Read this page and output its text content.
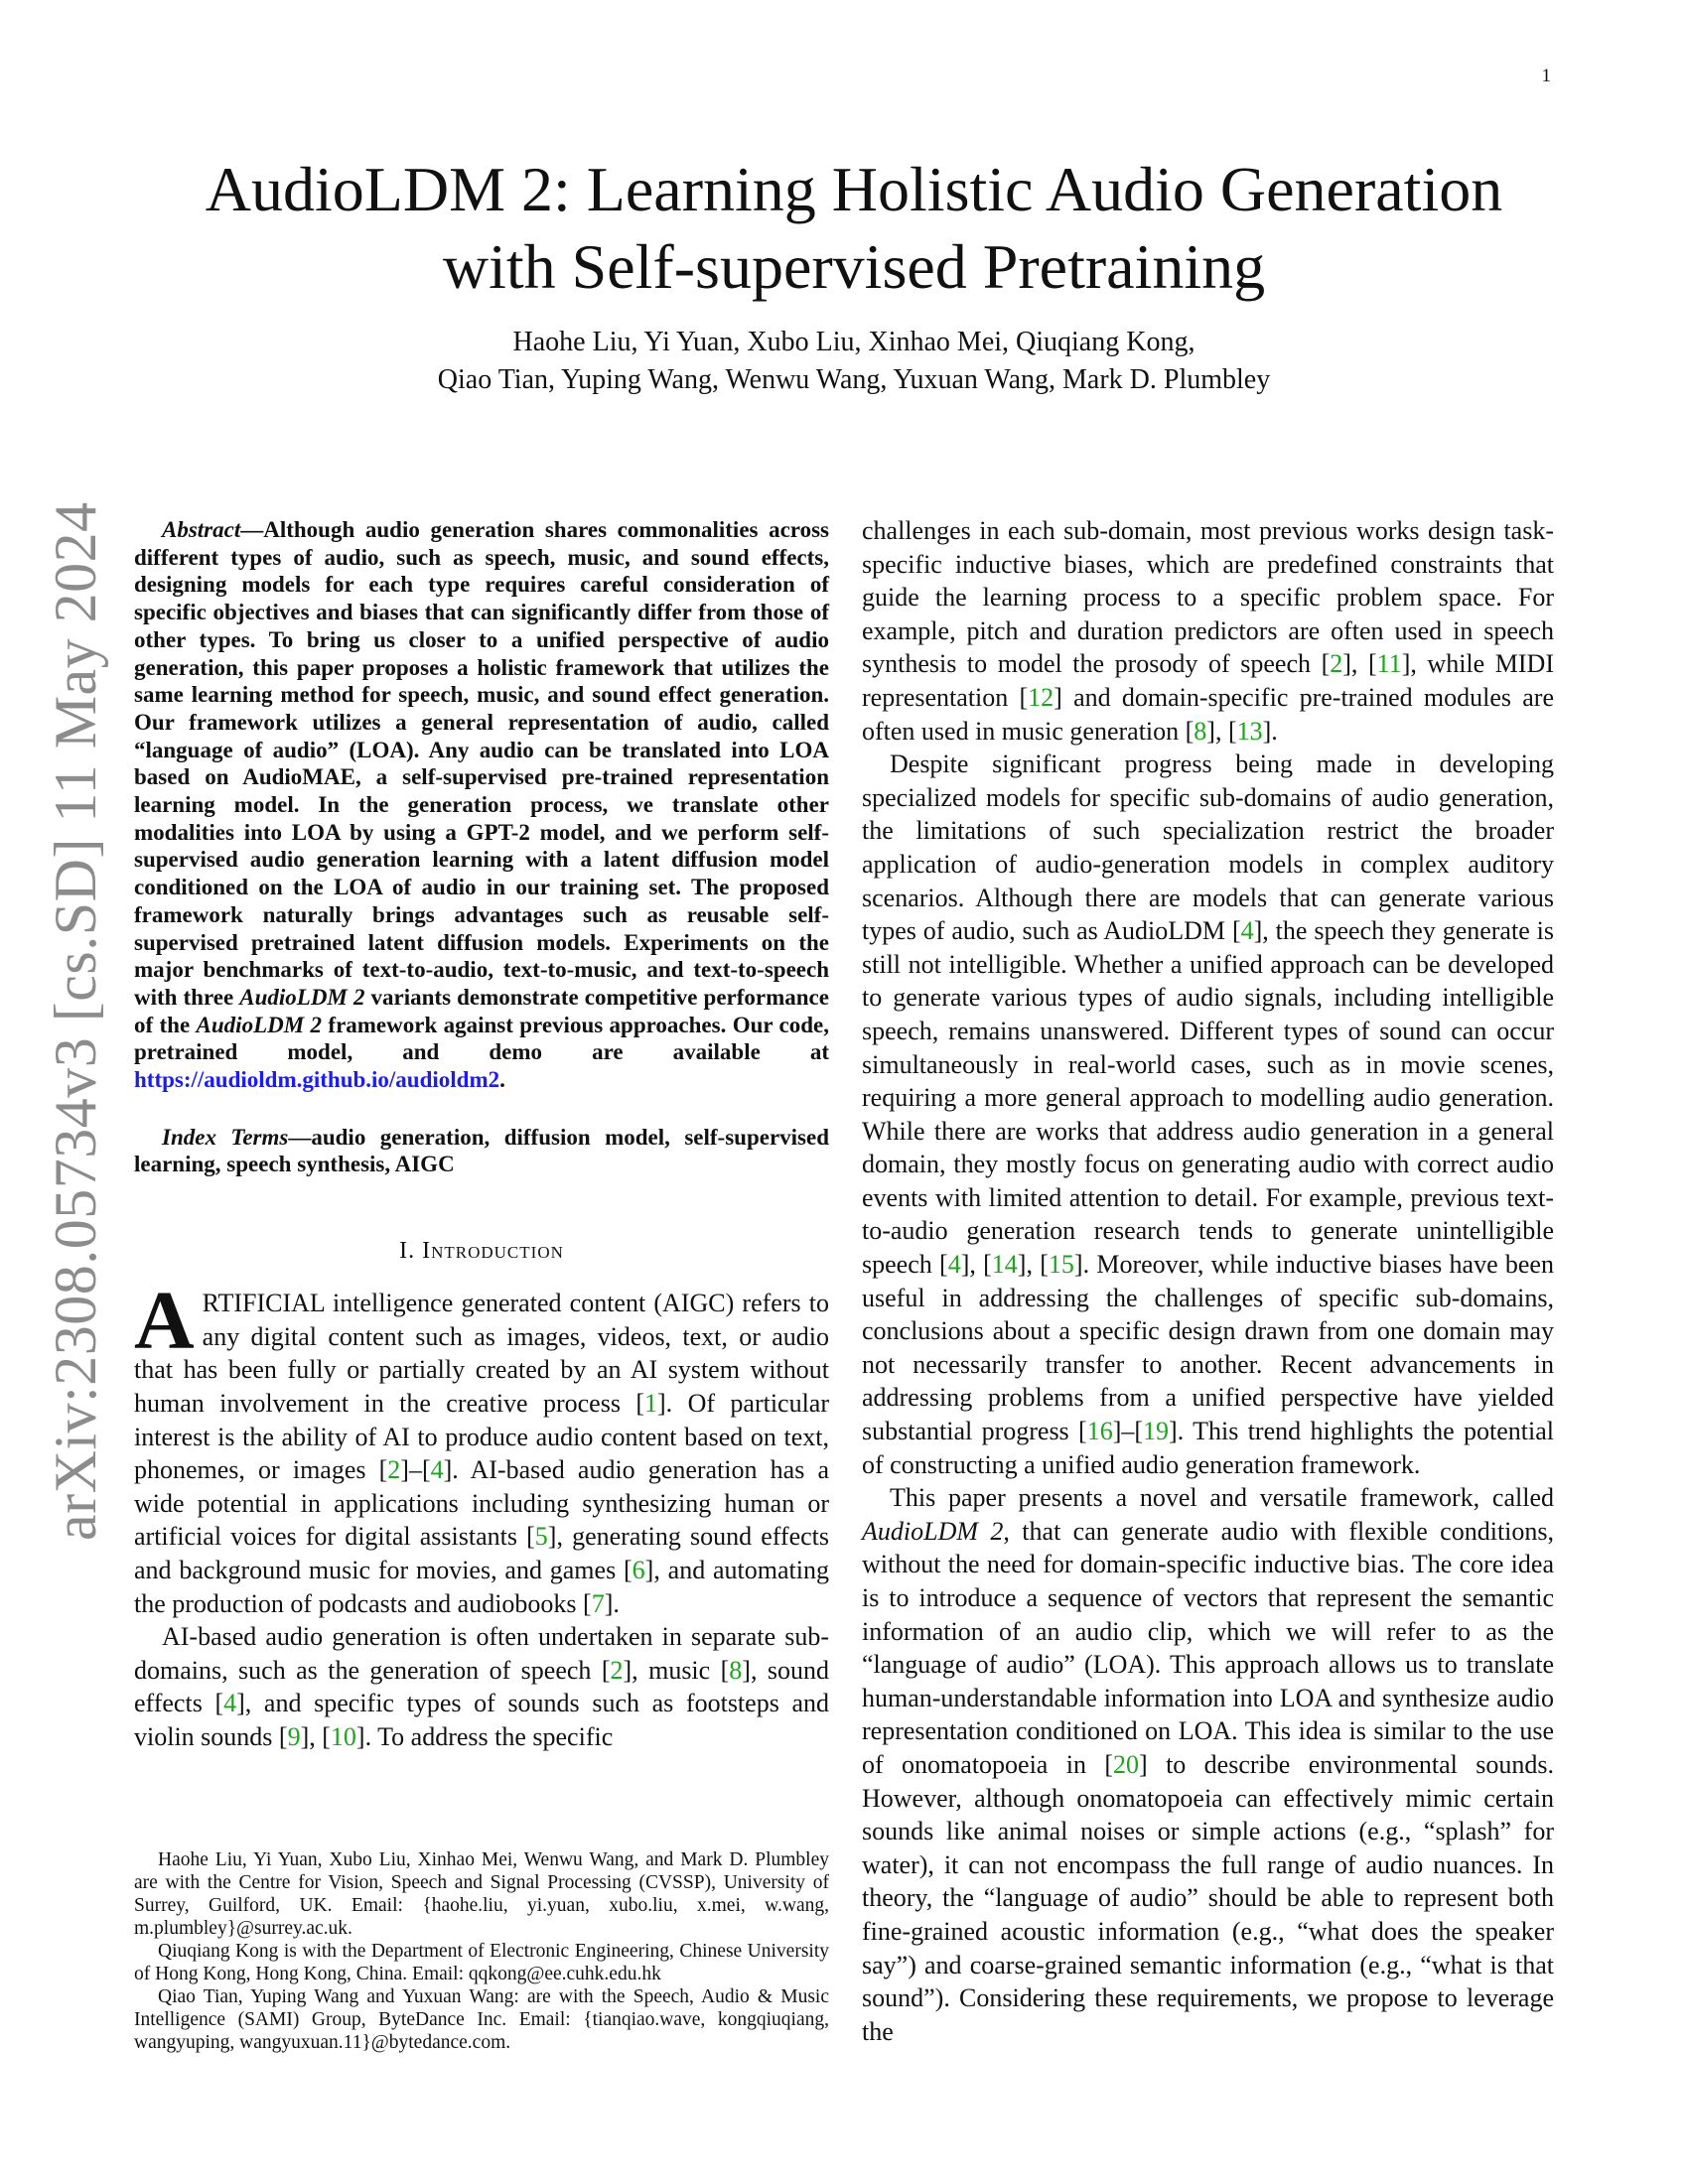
1
arXiv:2308.05734v3 [cs.SD] 11 May 2024
AudioLDM 2: Learning Holistic Audio Generation
with Self-supervised Pretraining
Haohe Liu, Yi Yuan, Xubo Liu, Xinhao Mei, Qiuqiang Kong,
Qiao Tian, Yuping Wang, Wenwu Wang, Yuxuan Wang, Mark D. Plumbley

Abstract—Although audio generation shares commonalities across different types of audio, such as speech, music, and sound effects, designing models for each type requires careful consideration of specific objectives and biases that can significantly differ from those of other types. To bring us closer to a unified perspective of audio generation, this paper proposes a holistic framework that utilizes the same learning method for speech, music, and sound effect generation. Our framework utilizes a general representation of audio, called “language of audio” (LOA). Any audio can be translated into LOA based on AudioMAE, a self-supervised pre-trained representation learning model. In the generation process, we translate other modalities into LOA by using a GPT-2 model, and we perform self-supervised audio generation learning with a latent diffusion model conditioned on the LOA of audio in our training set. The proposed framework naturally brings advantages such as reusable self-supervised pretrained latent diffusion models. Experiments on the major benchmarks of text-to-audio, text-to-music, and text-to-speech with three AudioLDM 2 variants demonstrate competitive performance of the AudioLDM 2 framework against previous approaches. Our code, pretrained model, and demo are available at https://audioldm.github.io/audioldm2.

Index Terms—audio generation, diffusion model, self-supervised learning, speech synthesis, AIGC

I. Introduction

ARTIFICIAL intelligence generated content (AIGC) refers to any digital content such as images, videos, text, or audio that has been fully or partially created by an AI system without human involvement in the creative process [1]. Of particular interest is the ability of AI to produce audio content based on text, phonemes, or images [2]–[4]. AI-based audio generation has a wide potential in applications including synthesizing human or artificial voices for digital assistants [5], generating sound effects and background music for movies, and games [6], and automating the production of podcasts and audiobooks [7].

AI-based audio generation is often undertaken in separate sub-domains, such as the generation of speech [2], music [8], sound effects [4], and specific types of sounds such as footsteps and violin sounds [9], [10]. To address the specific

Haohe Liu, Yi Yuan, Xubo Liu, Xinhao Mei, Wenwu Wang, and Mark D. Plumbley are with the Centre for Vision, Speech and Signal Processing (CVSSP), University of Surrey, Guilford, UK. Email: {haohe.liu, yi.yuan, xubo.liu, x.mei, w.wang, m.plumbley}@surrey.ac.uk.

Qiuqiang Kong is with the Department of Electronic Engineering, Chinese University of Hong Kong, Hong Kong, China. Email: qqkong@ee.cuhk.edu.hk

Qiao Tian, Yuping Wang and Yuxuan Wang: are with the Speech, Audio & Music Intelligence (SAMI) Group, ByteDance Inc. Email: {tianqiao.wave, kongqiuqiang, wangyuping, wangyuxuan.11}@bytedance.com.

challenges in each sub-domain, most previous works design task-specific inductive biases, which are predefined constraints that guide the learning process to a specific problem space. For example, pitch and duration predictors are often used in speech synthesis to model the prosody of speech [2], [11], while MIDI representation [12] and domain-specific pre-trained modules are often used in music generation [8], [13].

Despite significant progress being made in developing specialized models for specific sub-domains of audio generation, the limitations of such specialization restrict the broader application of audio-generation models in complex auditory scenarios. Although there are models that can generate various types of audio, such as AudioLDM [4], the speech they generate is still not intelligible. Whether a unified approach can be developed to generate various types of audio signals, including intelligible speech, remains unanswered. Different types of sound can occur simultaneously in real-world cases, such as in movie scenes, requiring a more general approach to modelling audio generation. While there are works that address audio generation in a general domain, they mostly focus on generating audio with correct audio events with limited attention to detail. For example, previous text-to-audio generation research tends to generate unintelligible speech [4], [14], [15]. Moreover, while inductive biases have been useful in addressing the challenges of specific sub-domains, conclusions about a specific design drawn from one domain may not necessarily transfer to another. Recent advancements in addressing problems from a unified perspective have yielded substantial progress [16]–[19]. This trend highlights the potential of constructing a unified audio generation framework.

This paper presents a novel and versatile framework, called AudioLDM 2, that can generate audio with flexible conditions, without the need for domain-specific inductive bias. The core idea is to introduce a sequence of vectors that represent the semantic information of an audio clip, which we will refer to as the “language of audio” (LOA). This approach allows us to translate human-understandable information into LOA and synthesize audio representation conditioned on LOA. This idea is similar to the use of onomatopoeia in [20] to describe environmental sounds. However, although onomatopoeia can effectively mimic certain sounds like animal noises or simple actions (e.g., “splash” for water), it can not encompass the full range of audio nuances. In theory, the “language of audio” should be able to represent both fine-grained acoustic information (e.g., “what does the speaker say”) and coarse-grained semantic information (e.g., “what is that sound”). Considering these requirements, we propose to leverage the
